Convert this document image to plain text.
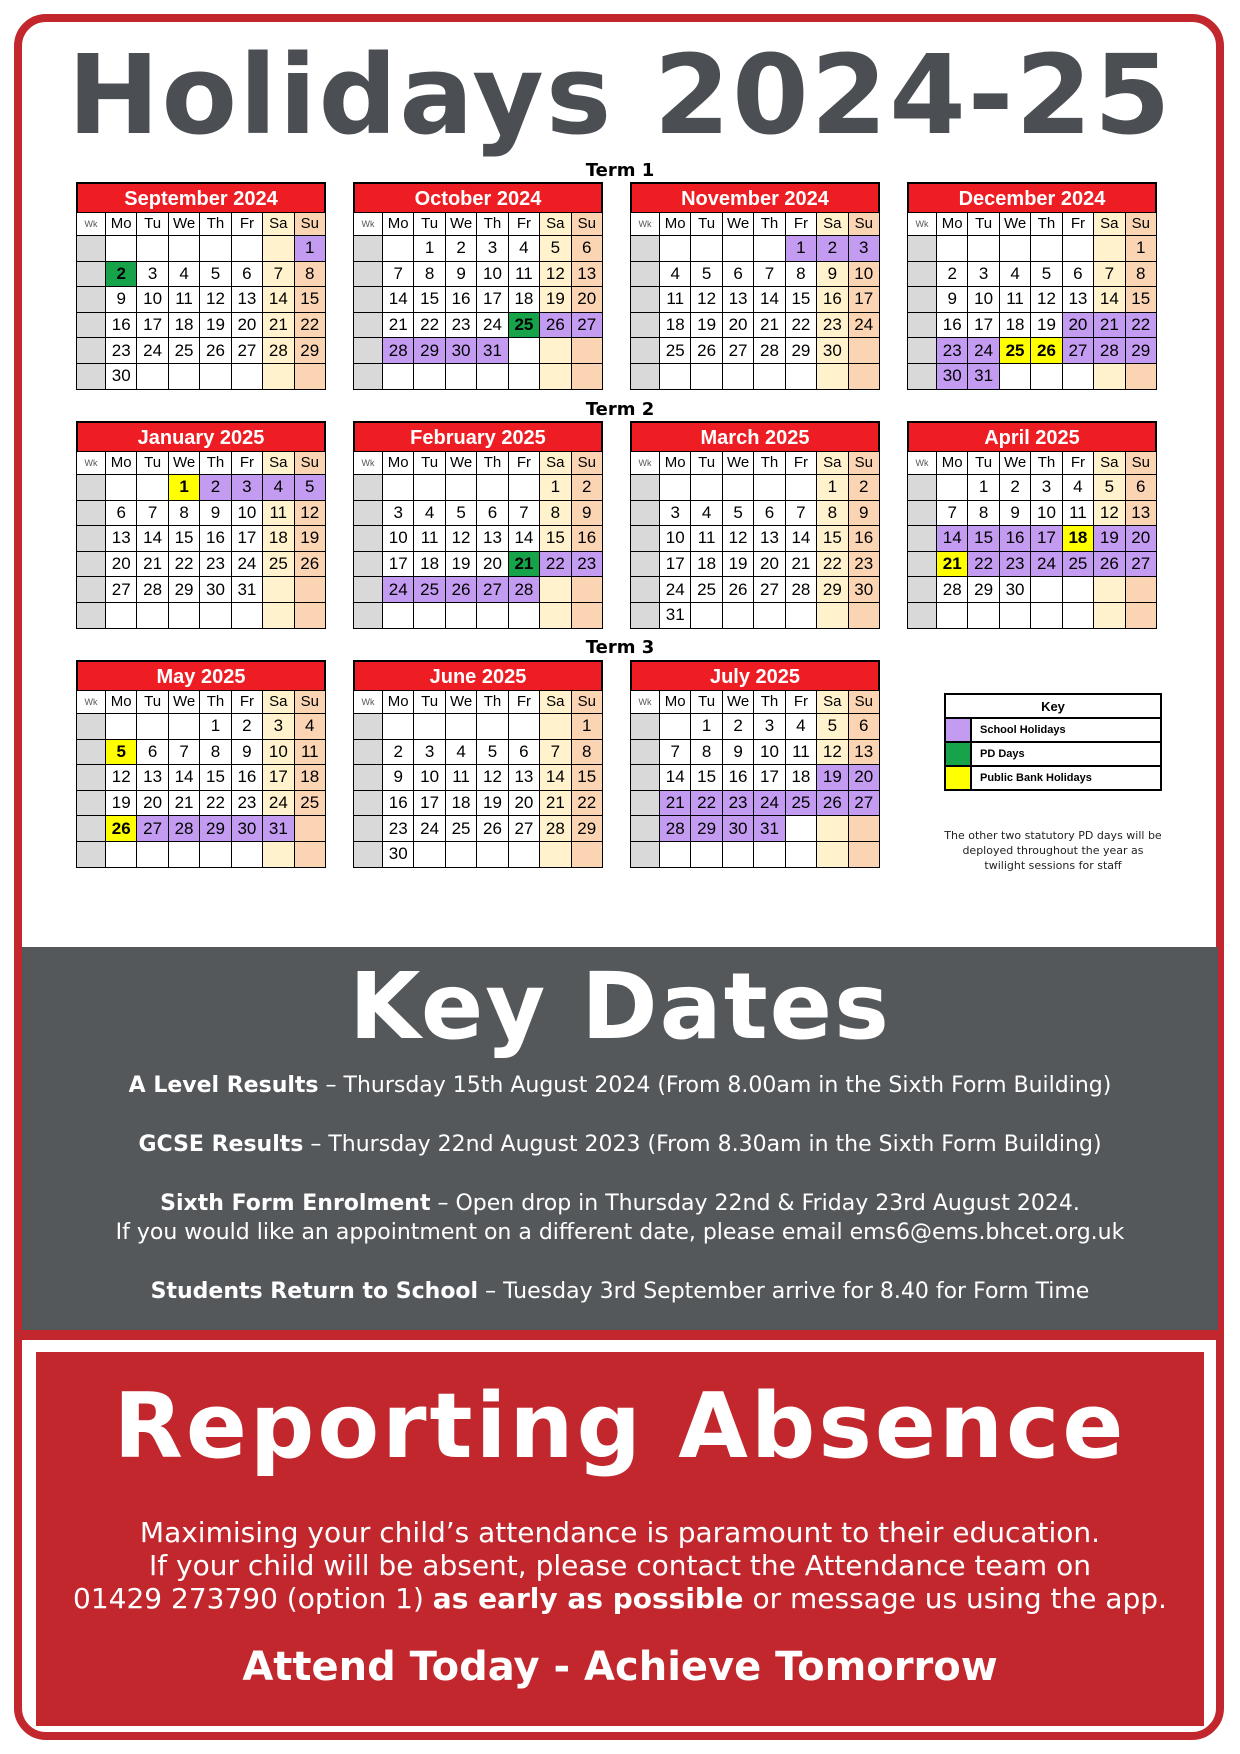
Holidays 2024-25
Term 1
Term 2
Term 3
September 2024
Wk	Mo	Tu	We	Th	Fr	Sa	Su
							1
	2	3	4	5	6	7	8
	9	10	11	12	13	14	15
	16	17	18	19	20	21	22
	23	24	25	26	27	28	29
	30						
October 2024
Wk	Mo	Tu	We	Th	Fr	Sa	Su
		1	2	3	4	5	6
	7	8	9	10	11	12	13
	14	15	16	17	18	19	20
	21	22	23	24	25	26	27
	28	29	30	31			

November 2024
Wk	Mo	Tu	We	Th	Fr	Sa	Su
					1	2	3
	4	5	6	7	8	9	10
	11	12	13	14	15	16	17
	18	19	20	21	22	23	24
	25	26	27	28	29	30	

December 2024
Wk	Mo	Tu	We	Th	Fr	Sa	Su
							1
	2	3	4	5	6	7	8
	9	10	11	12	13	14	15
	16	17	18	19	20	21	22
	23	24	25	26	27	28	29
	30	31					
January 2025
Wk	Mo	Tu	We	Th	Fr	Sa	Su
			1	2	3	4	5
	6	7	8	9	10	11	12
	13	14	15	16	17	18	19
	20	21	22	23	24	25	26
	27	28	29	30	31		

February 2025
Wk	Mo	Tu	We	Th	Fr	Sa	Su
						1	2
	3	4	5	6	7	8	9
	10	11	12	13	14	15	16
	17	18	19	20	21	22	23
	24	25	26	27	28		

March 2025
Wk	Mo	Tu	We	Th	Fr	Sa	Su
						1	2
	3	4	5	6	7	8	9
	10	11	12	13	14	15	16
	17	18	19	20	21	22	23
	24	25	26	27	28	29	30
	31						
April 2025
Wk	Mo	Tu	We	Th	Fr	Sa	Su
		1	2	3	4	5	6
	7	8	9	10	11	12	13
	14	15	16	17	18	19	20
	21	22	23	24	25	26	27
	28	29	30				

May 2025
Wk	Mo	Tu	We	Th	Fr	Sa	Su
				1	2	3	4
	5	6	7	8	9	10	11
	12	13	14	15	16	17	18
	19	20	21	22	23	24	25
	26	27	28	29	30	31	

June 2025
Wk	Mo	Tu	We	Th	Fr	Sa	Su
							1
	2	3	4	5	6	7	8
	9	10	11	12	13	14	15
	16	17	18	19	20	21	22
	23	24	25	26	27	28	29
	30						
July 2025
Wk	Mo	Tu	We	Th	Fr	Sa	Su
		1	2	3	4	5	6
	7	8	9	10	11	12	13
	14	15	16	17	18	19	20
	21	22	23	24	25	26	27
	28	29	30	31			

Key	
	School Holidays
	PD Days
	Public Bank Holidays
The other two statutory PD days will be deployed throughout the year as twilight sessions for staff
Key Dates
A Level Results – Thursday 15th August 2024 (From 8.00am in the Sixth Form Building)
GCSE Results – Thursday 22nd August 2023 (From 8.30am in the Sixth Form Building)
Sixth Form Enrolment – Open drop in Thursday 22nd & Friday 23rd August 2024.
If you would like an appointment on a different date, please email ems6@ems.bhcet.org.uk
Students Return to School – Tuesday 3rd September arrive for 8.40 for Form Time
Reporting Absence
Maximising your child’s attendance is paramount to their education.
If your child will be absent, please contact the Attendance team on
01429 273790 (option 1) as early as possible or message us using the app.
Attend Today - Achieve Tomorrow
